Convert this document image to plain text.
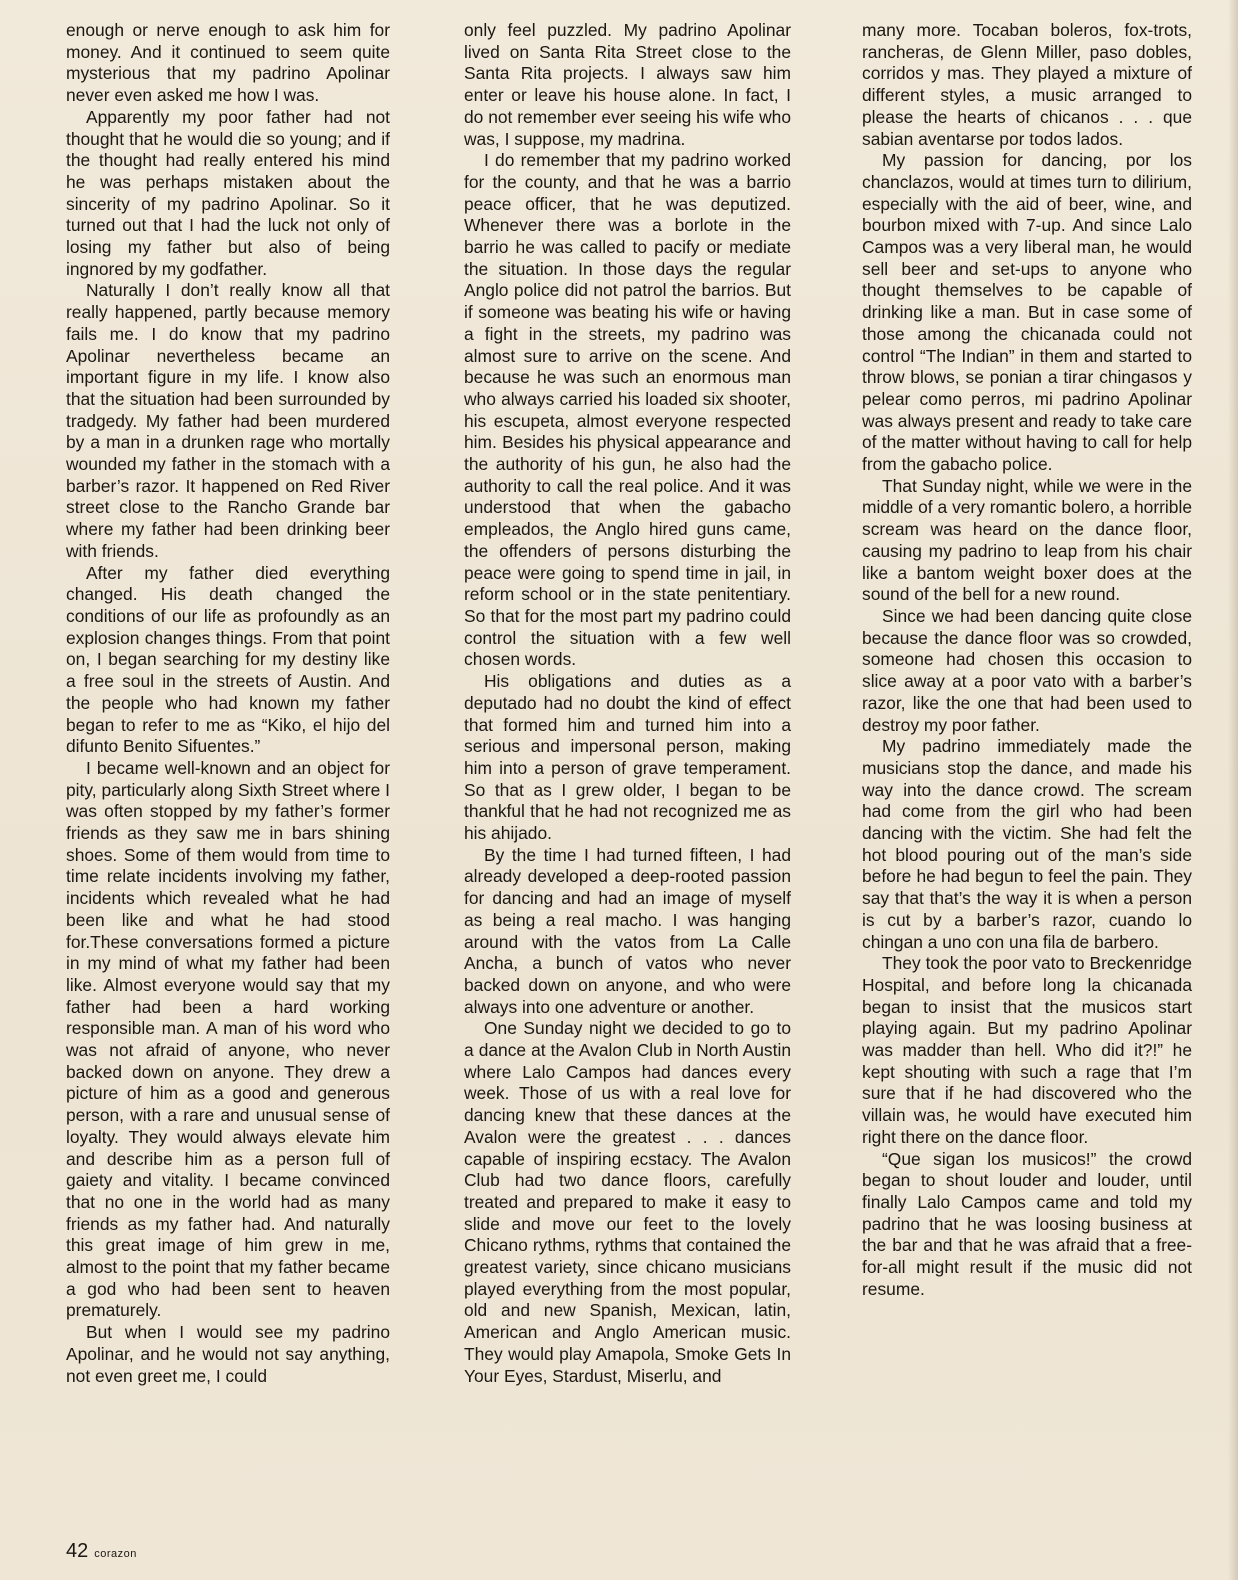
enough or nerve enough to ask him for money. And it continued to seem quite mysterious that my padrino Apolinar never even asked me how I was.

Apparently my poor father had not thought that he would die so young; and if the thought had really entered his mind he was perhaps mistaken about the sincerity of my padrino Apolinar. So it turned out that I had the luck not only of losing my father but also of being ingnored by my godfather.

Naturally I don’t really know all that really happened, partly because memory fails me. I do know that my padrino Apolinar nevertheless became an important figure in my life. I know also that the situation had been surrounded by tradgedy. My father had been murdered by a man in a drunken rage who mortally wounded my father in the stomach with a barber’s razor. It happened on Red River street close to the Rancho Grande bar where my father had been drinking beer with friends.

After my father died everything changed. His death changed the conditions of our life as profoundly as an explosion changes things. From that point on, I began searching for my destiny like a free soul in the streets of Austin. And the people who had known my father began to refer to me as “Kiko, el hijo del difunto Benito Sifuentes.”

I became well-known and an object for pity, particularly along Sixth Street where I was often stopped by my father’s former friends as they saw me in bars shining shoes. Some of them would from time to time relate incidents involving my father, incidents which revealed what he had been like and what he had stood for.These conversations formed a picture in my mind of what my father had been like. Almost everyone would say that my father had been a hard working responsible man. A man of his word who was not afraid of anyone, who never backed down on anyone. They drew a picture of him as a good and generous person, with a rare and unusual sense of loyalty. They would always elevate him and describe him as a person full of gaiety and vitality. I became convinced that no one in the world had as many friends as my father had. And naturally this great image of him grew in me, almost to the point that my father became a god who had been sent to heaven prematurely.

But when I would see my padrino Apolinar, and he would not say anything, not even greet me, I could

only feel puzzled. My padrino Apolinar lived on Santa Rita Street close to the Santa Rita projects. I always saw him enter or leave his house alone. In fact, I do not remember ever seeing his wife who was, I suppose, my madrina.

I do remember that my padrino worked for the county, and that he was a barrio peace officer, that he was deputized. Whenever there was a borlote in the barrio he was called to pacify or mediate the situation. In those days the regular Anglo police did not patrol the barrios. But if someone was beating his wife or having a fight in the streets, my padrino was almost sure to arrive on the scene. And because he was such an enormous man who always carried his loaded six shooter, his escupeta, almost everyone respected him. Besides his physical appearance and the authority of his gun, he also had the authority to call the real police. And it was understood that when the gabacho empleados, the Anglo hired guns came, the offenders of persons disturbing the peace were going to spend time in jail, in reform school or in the state penitentiary. So that for the most part my padrino could control the situation with a few well chosen words.

His obligations and duties as a deputado had no doubt the kind of effect that formed him and turned him into a serious and impersonal person, making him into a person of grave temperament. So that as I grew older, I began to be thankful that he had not recognized me as his ahijado.

By the time I had turned fifteen, I had already developed a deep-rooted passion for dancing and had an image of myself as being a real macho. I was hanging around with the vatos from La Calle Ancha, a bunch of vatos who never backed down on anyone, and who were always into one adventure or another.

One Sunday night we decided to go to a dance at the Avalon Club in North Austin where Lalo Campos had dances every week. Those of us with a real love for dancing knew that these dances at the Avalon were the greatest . . . dances capable of inspiring ecstacy. The Avalon Club had two dance floors, carefully treated and prepared to make it easy to slide and move our feet to the lovely Chicano rythms, rythms that contained the greatest variety, since chicano musicians played everything from the most popular, old and new Spanish, Mexican, latin, American and Anglo American music. They would play Amapola, Smoke Gets In Your Eyes, Stardust, Miserlu, and

many more. Tocaban boleros, fox-trots, rancheras, de Glenn Miller, paso dobles, corridos y mas. They played a mixture of different styles, a music arranged to please the hearts of chicanos . . . que sabian aventarse por todos lados.

My passion for dancing, por los chanclazos, would at times turn to dilirium, especially with the aid of beer, wine, and bourbon mixed with 7-up. And since Lalo Campos was a very liberal man, he would sell beer and set-ups to anyone who thought themselves to be capable of drinking like a man. But in case some of those among the chicanada could not control “The Indian” in them and started to throw blows, se ponian a tirar chingasos y pelear como perros, mi padrino Apolinar was always present and ready to take care of the matter without having to call for help from the gabacho police.

That Sunday night, while we were in the middle of a very romantic bolero, a horrible scream was heard on the dance floor, causing my padrino to leap from his chair like a bantom weight boxer does at the sound of the bell for a new round.

Since we had been dancing quite close because the dance floor was so crowded, someone had chosen this occasion to slice away at a poor vato with a barber’s razor, like the one that had been used to destroy my poor father.

My padrino immediately made the musicians stop the dance, and made his way into the dance crowd. The scream had come from the girl who had been dancing with the victim. She had felt the hot blood pouring out of the man’s side before he had begun to feel the pain. They say that that’s the way it is when a person is cut by a barber’s razor, cuando lo chingan a uno con una fila de barbero.

They took the poor vato to Breckenridge Hospital, and before long la chicanada began to insist that the musicos start playing again. But my padrino Apolinar was madder than hell. Who did it?!” he kept shouting with such a rage that I’m sure that if he had discovered who the villain was, he would have executed him right there on the dance floor.

“Que sigan los musicos!” the crowd began to shout louder and louder, until finally Lalo Campos came and told my padrino that he was loosing business at the bar and that he was afraid that a free-for-all might result if the music did not resume.

42 corazon
